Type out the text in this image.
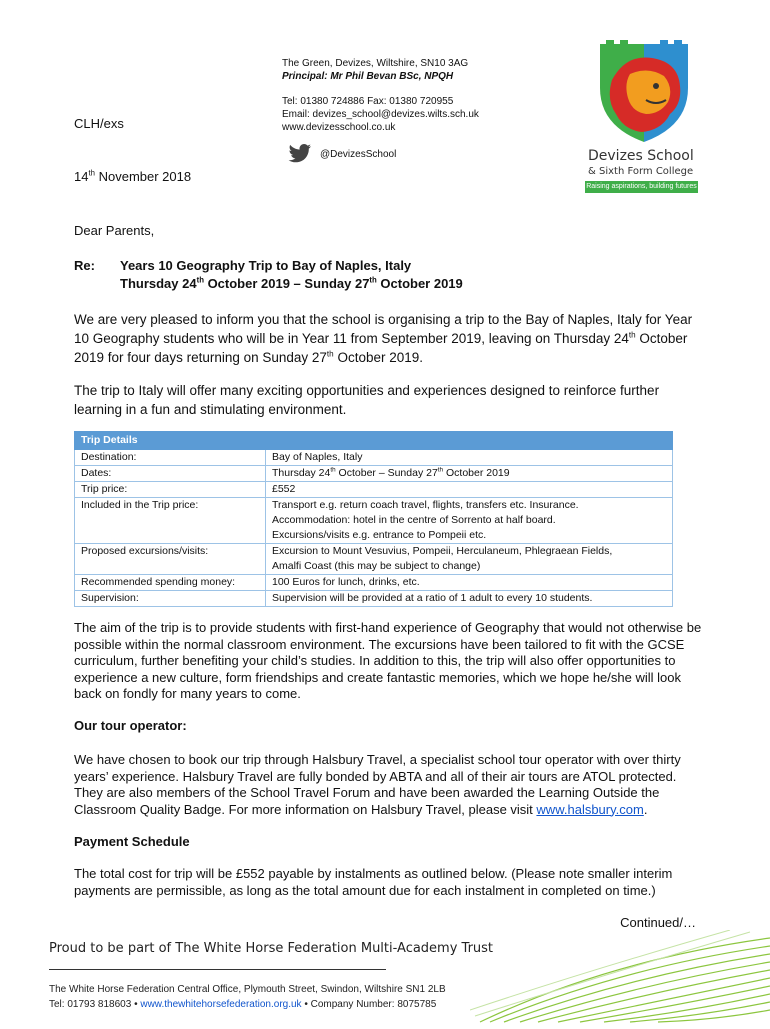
The Green, Devizes, Wiltshire, SN10 3AG
Principal: Mr Phil Bevan BSc, NPQH
Tel: 01380 724886 Fax: 01380 720955
Email: devizes_school@devizes.wilts.sch.uk
www.devizesschool.co.uk
@DevizesSchool	Devizes School
& Sixth Form College
Raising aspirations, building futures
CLH/exs
14th November 2018
Dear Parents,
Re: Years 10 Geography Trip to Bay of Naples, Italy
Thursday 24th October 2019 – Sunday 27th October 2019
We are very pleased to inform you that the school is organising a trip to the Bay of Naples, Italy for Year 10 Geography students who will be in Year 11 from September 2019, leaving on Thursday 24th October 2019 for four days returning on Sunday 27th October 2019.
The trip to Italy will offer many exciting opportunities and experiences designed to reinforce further learning in a fun and stimulating environment.
Trip Details	
Destination:	Bay of Naples, Italy
Dates:	Thursday 24th October – Sunday 27th October 2019
Trip price:	£552
Included in the Trip price:	Transport e.g. return coach travel, flights, transfers etc. Insurance.
Accommodation: hotel in the centre of Sorrento at half board.
Excursions/visits e.g. entrance to Pompeii etc.

Proposed excursions/visits:	Excursion to Mount Vesuvius, Pompeii, Herculaneum, Phlegraean Fields,
Amalfi Coast (this may be subject to change)

Recommended spending money:	100 Euros for lunch, drinks, etc.
Supervision:	Supervision will be provided at a ratio of 1 adult to every 10 students.
The aim of the trip is to provide students with first-hand experience of Geography that would not otherwise be possible within the normal classroom environment. The excursions have been tailored to fit with the GCSE curriculum, further benefiting your child’s studies. In addition to this, the trip will also offer opportunities to experience a new culture, form friendships and create fantastic memories, which we hope he/she will look back on fondly for many years to come.
Our tour operator:
We have chosen to book our trip through Halsbury Travel, a specialist school tour operator with over thirty years’ experience. Halsbury Travel are fully bonded by ABTA and all of their air tours are ATOL protected. They are also members of the School Travel Forum and have been awarded the Learning Outside the Classroom Quality Badge. For more information on Halsbury Travel, please visit www.halsbury.com.
Payment Schedule
The total cost for trip will be £552 payable by instalments as outlined below. (Please note smaller interim payments are permissible, as long as the total amount due for each instalment in completed on time.)
Continued/…
Proud to be part of The White Horse Federation Multi-Academy Trust
The White Horse Federation Central Office, Plymouth Street, Swindon, Wiltshire SN1 2LB
Tel: 01793 818603 • www.thewhitehorsefederation.org.uk • Company Number: 8075785
